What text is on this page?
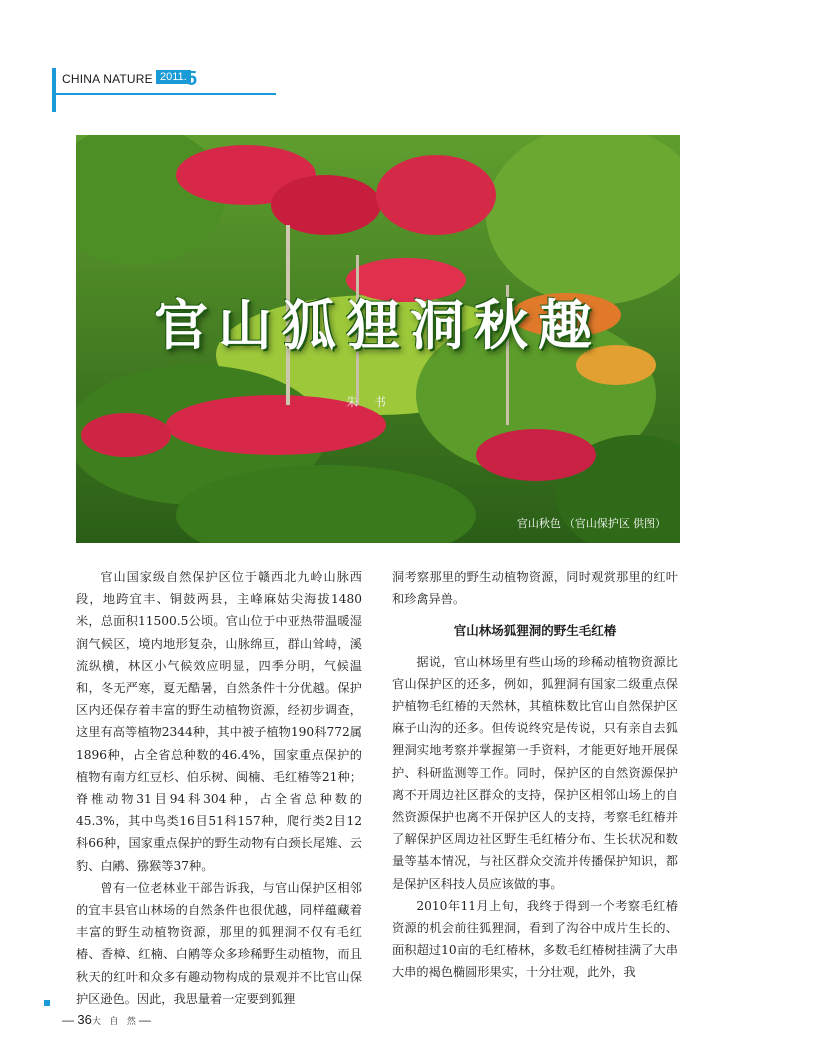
CHINA NATURE 2011. 5
官山狐狸洞秋趣
朱 书
官山秋色 （官山保护区 供图）

官山国家级自然保护区位于赣西北九岭山脉西段，地跨宜丰、铜鼓两县，主峰麻姑尖海拔1480米，总面积11500.5公顷。官山位于中亚热带温暖湿润气候区，境内地形复杂，山脉绵亘，群山耸峙，溪流纵横，林区小气候效应明显，四季分明，气候温和，冬无严寒，夏无酷暑，自然条件十分优越。保护区内还保存着丰富的野生动植物资源，经初步调查，这里有高等植物2344种，其中被子植物190科772属1896种，占全省总种数的46.4%，国家重点保护的植物有南方红豆杉、伯乐树、闽楠、毛红椿等21种；脊椎动物31目94科304种，占全省总种数的45.3%，其中鸟类16目51科157种，爬行类2目12科66种，国家重点保护的野生动物有白颈长尾雉、云豹、白鹇、猕猴等37种。

曾有一位老林业干部告诉我，与官山保护区相邻的宜丰县官山林场的自然条件也很优越，同样蕴藏着丰富的野生动植物资源，那里的狐狸洞不仅有毛红椿、香樟、红楠、白鹇等众多珍稀野生动植物，而且秋天的红叶和众多有趣动物构成的景观并不比官山保护区逊色。因此，我思量着一定要到狐狸

洞考察那里的野生动植物资源，同时观赏那里的红叶和珍禽异兽。

官山林场狐狸洞的野生毛红椿

据说，官山林场里有些山场的珍稀动植物资源比官山保护区的还多，例如，狐狸洞有国家二级重点保护植物毛红椿的天然林，其植株数比官山自然保护区麻子山沟的还多。但传说终究是传说，只有亲自去狐狸洞实地考察并掌握第一手资料，才能更好地开展保护、科研监测等工作。同时，保护区的自然资源保护离不开周边社区群众的支持，保护区相邻山场上的自然资源保护也离不开保护区人的支持，考察毛红椿并了解保护区周边社区野生毛红椿分布、生长状况和数量等基本情况，与社区群众交流并传播保护知识，都是保护区科技人员应该做的事。

2010年11月上旬，我终于得到一个考察毛红椿资源的机会前往狐狸洞，看到了沟谷中成片生长的、面积超过10亩的毛红椿林，多数毛红椿树挂满了大串大串的褐色椭圆形果实，十分壮观，此外，我

— 36大 自 然—
